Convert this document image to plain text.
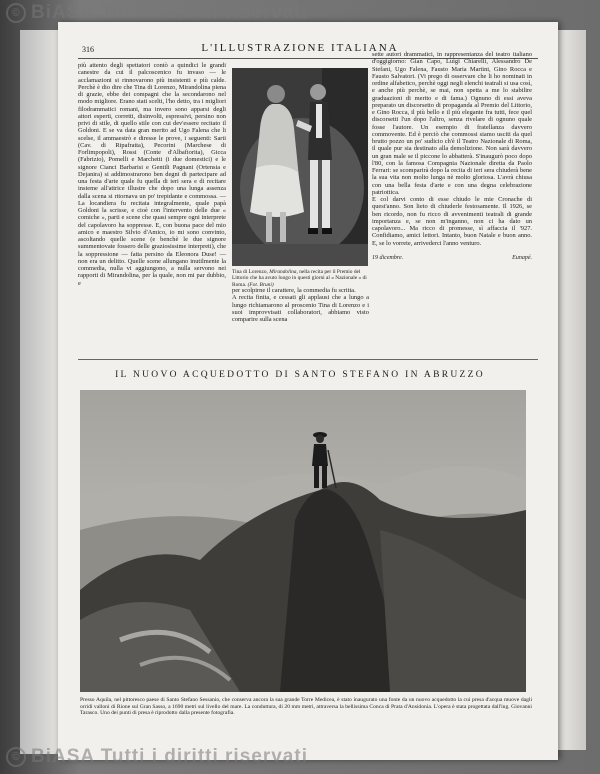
© BiASA Tutti i diritti riservati
316	L'ILLUSTRAZIONE ITALIANA

più attento degli spettatori contò a quindici le grandi canestre da cui il palcoscenico fu invaso — le acclamazioni si rinnovarono più insistenti e più calde. Perchè è dio dire che Tina di Lorenzo, Mirandolina piena di grazie, ebbe dei compagni che la secondarono nel modo migliore. Erano stati scelti, l'ho detto, tra i migliori filodrammatici romani, ma invero sono apparsi degli attori esperti, corretti, disinvolti, espressivi, persino non privi di stile, di quello stile con cui dev'essere recitato il Goldoni. E se va data gran merito ad Ugo Falena che li scelse, il ammaestrò e diresse le prove, i seguenti: Sarti (Cav. di Ripafratta), Pecorini (Marchese di Forlimpopoli), Rossi (Conte d'Albafiorita), Gicca (Fabrizio), Pomelli e Marchetti (i due domestici) e le signore Cianci Barbarisi e Gentili Pagnani (Ortensia e Dejanira) si addimostrarono ben degni di partecipare ad una festa d'arte quale fu quella di ieri sera e di recitare insieme all'attrice illustre che dopo una lunga assenza dalla scena si ritornava un po' trepidante e commossa. — La locandiera fu recitata integralmente, quale papà Goldoni la scrisse, e cioè con l'intervento delle due « comiche », parti e scene che quasi sempre ogni interprete del capolavoro ha soppresse. E, con buona pace del mio amico e maestro Silvio d'Amico, io mi sono convinto, ascoltando quelle scene (e benchè le due signore summentovate fossero delle graziosissime interpreti), che la soppressione — fatta persino da Eleonora Duse! — non era un delitto. Quelle scene allungano inutilmente la commedia, nulla vi aggiungono, a nulla servono nei rapporti di Mirandolina, per la quale, non mi par dubbio, e

Tina di Lorenzo, Mirandolina, nella recita per il Premio del Littorio che ha avuto luogo in questi giorni al « Nazionale » di Roma. (Fot. Bruni)

per scolpirne il carattere, la commedia fu scritta.
A recita finita, e cessati gli applausi che a lungo a lungo richiamarono al proscenio Tina di Lorenzo e i suoi improvvisati collaboratori, abbiamo visto comparire sulla scena

sette autori drammatici, in rappresentanza del teatro italiano d'oggigiorno: Gian Capo, Luigi Chiarelli, Alessandro De Stefani, Ugo Falena, Fausto Maria Martini, Gino Rocca e Fausto Salvatori. (Vi prego di osservare che li ho nominati in ordine alfabetico, perchè oggi negli elenchi teatrali si usa così, e anche più perchè, se mai, non spetta a me lo stabilire graduazioni di merito e di fama.) Ognuno di essi aveva preparato un discorsetto di propaganda al Premio del Littorio, e Gino Rocca, il più bello e il più elegante fra tutti, fece quel discorsetti l'un dopo l'altro, senza rivelare di ognuno quale fosse l'autore. Un esempio di fratellanza davvero commovente. Ed è perciò che commossi siamo usciti da quel brutto pozzo un po' sudicio ch'è il Teatro Nazionale di Roma, il quale pur sia destinato alla demolizione. Non sarà davvero un gran male se il piccone lo abbatterà. S'inaugurò poco dopo l'80, con la famosa Compagnia Nazionale diretta da Paolo Ferrari: se scomparirà dopo la recita di ieri sera chiuderà bene la sua vita non molto lunga nè molto gloriosa. L'avrà chiusa con una bella festa d'arte e con una degna celebrazione patriottica.
E col darvi conto di esse chiudo le mie Cronache di quest'anno. Son lieto di chiuderle festosamente. Il 1926, se ben ricordo, non fu ricco di avvenimenti teatrali di grande importanza e, se non m'inganno, non ci ha dato un capolavoro... Ma ricco di promesse, sì affaccia il '927. Confidiamo, amici lettori. Intanto, buon Natale e buon anno. E, se lo vorrete, arrivederci l'anno venturo.

19 dicembre.	Eunapé.
IL NUOVO ACQUEDOTTO DI SANTO STEFANO IN ABRUZZO
Presso Aquila, nel pittoresco paese di Santo Stefano Sessanio, che conserva ancora la sua grande Torre Medicea, è stato inaugurato una fonte da un nuovo acquedotto la cui presa d'acqua muove dagli orridi valloni di Rione sul Gran Sasso, a 1690 metri sul livello del mare. La conduttura, di 20 mm metri, attraversa la bellissima Conca di Prata d'Ansidonia. L'opera è stata progettata dall'ing. Giovanni Tarasco. Uno dei punti di presa è riprodotto dalla presente fotografia.
© BiASA Tutti i diritti riservati
